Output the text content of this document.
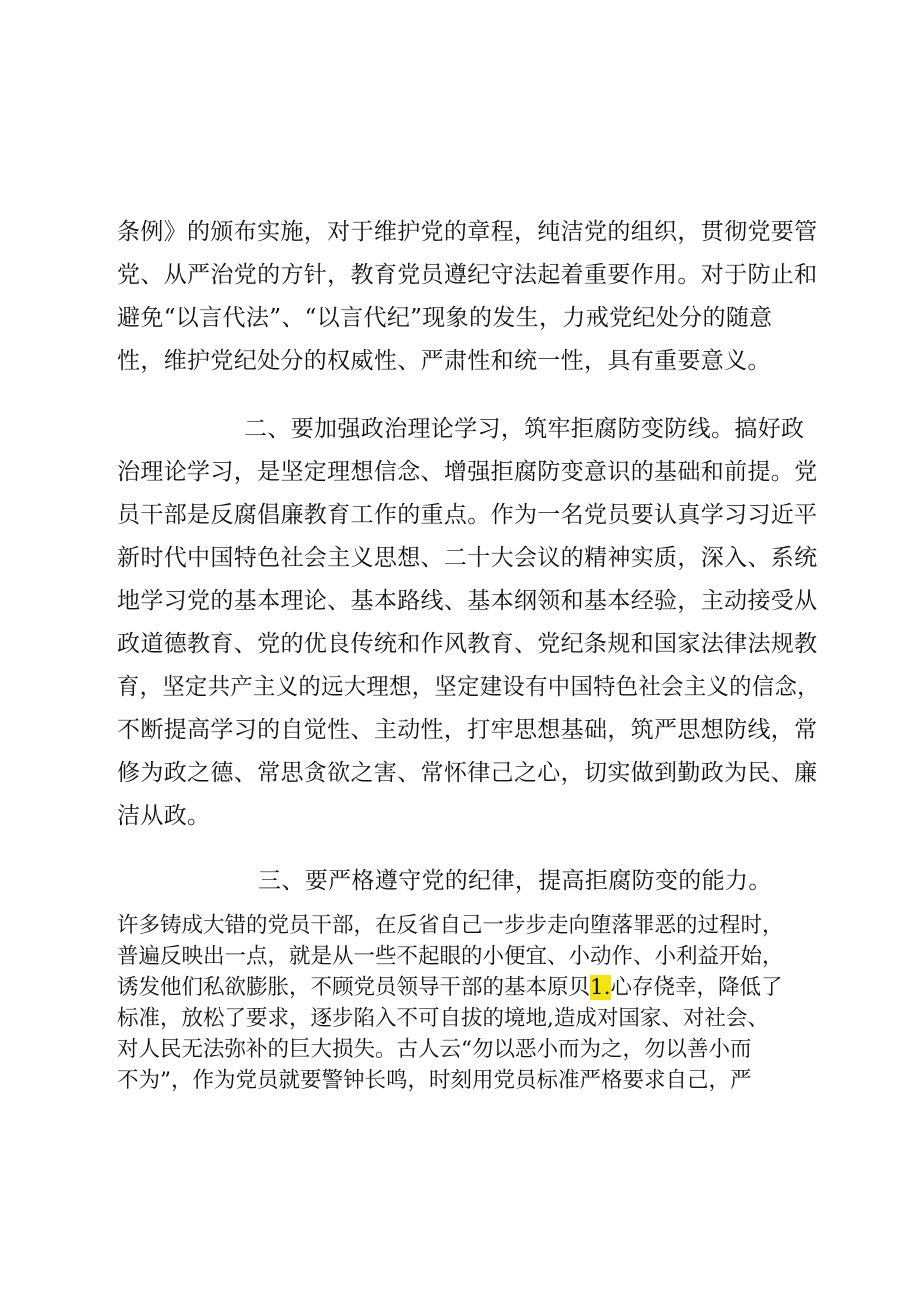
条例》的颁布实施，对于维护党的章程，纯洁党的组织，贯彻党要管
党、从严治党的方针，教育党员遵纪守法起着重要作用。对于防止和
避免“以言代法”、“以言代纪”现象的发生，力戒党纪处分的随意
性，维护党纪处分的权威性、严肃性和统一性，具有重要意义。
二、要加强政治理论学习，筑牢拒腐防变防线。搞好政
治理论学习，是坚定理想信念、增强拒腐防变意识的基础和前提。党
员干部是反腐倡廉教育工作的重点。作为一名党员要认真学习习近平
新时代中国特色社会主义思想、二十大会议的精神实质，深入、系统
地学习党的基本理论、基本路线、基本纲领和基本经验，主动接受从
政道德教育、党的优良传统和作风教育、党纪条规和国家法律法规教
育，坚定共产主义的远大理想，坚定建设有中国特色社会主义的信念，
不断提高学习的自觉性、主动性，打牢思想基础，筑严思想防线，常
修为政之德、常思贪欲之害、常怀律己之心，切实做到勤政为民、廉
洁从政。
三、要严格遵守党的纪律，提高拒腐防变的能力。
许多铸成大错的党员干部，在反省自己一步步走向堕落罪恶的过程时，
普遍反映出一点，就是从一些不起眼的小便宜、小动作、小利益开始，
诱发他们私欲膨胀，不顾党员领导干部的基本原贝1.心存侥幸，降低了
标准，放松了要求，逐步陷入不可自拔的境地,造成对国家、对社会、
对人民无法弥补的巨大损失。古人云“勿以恶小而为之，勿以善小而
不为”，作为党员就要警钟长鸣，时刻用党员标准严格要求自己，严
